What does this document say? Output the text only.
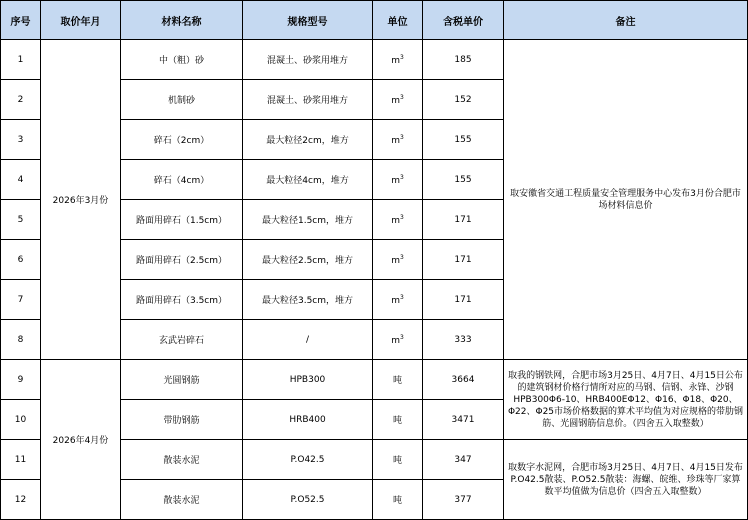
序号	取价年月	材料名称	规格型号	单位	含税单价	备注
1	2026年3月份	中（粗）砂	混凝土、砂浆用堆方	$m^3$	185	取安徽省交通工程质量安全管理服务中心发布3月份合肥市场材料信息价
2		机制砂	混凝土、砂浆用堆方	$m^3$	152	
3		碎石（2cm）	最大粒径2cm，堆方	$m^3$	155	
4		碎石（4cm）	最大粒径4cm，堆方	$m^3$	155	
5		路面用碎石（1.5cm）	最大粒径1.5cm，堆方	$m^3$	171	
6		路面用碎石（2.5cm）	最大粒径2.5cm，堆方	$m^3$	171	
7		路面用碎石（3.5cm）	最大粒径3.5cm，堆方	$m^3$	171	
8		玄武岩碎石	/	$m^3$	333	
9	2026年4月份	光圆钢筋	HPB300	吨	3664	取我的钢铁网，合肥市场3月25日、4月7日、4月15日公布的建筑钢材价格行情所对应的马钢、信钢、永锋、沙钢HPB300Φ6-10、HRB400EΦ12、Φ16、Φ18、Φ20、Φ22、Φ25市场价格数据的算术平均值为对应规格的带肋钢筋、光圆钢筋信息价。（四舍五入取整数）
10		带肋钢筋	HRB400	吨	3471	
11		散装水泥	P.O42.5	吨	347	取数字水泥网，合肥市场3月25日、4月7日、4月15日发布P.O42.5散装、P.O52.5散装：海螺、皖维、珍珠等厂家算数平均值做为信息价（四舍五入取整数）
12		散装水泥	P.O52.5	吨	377	
